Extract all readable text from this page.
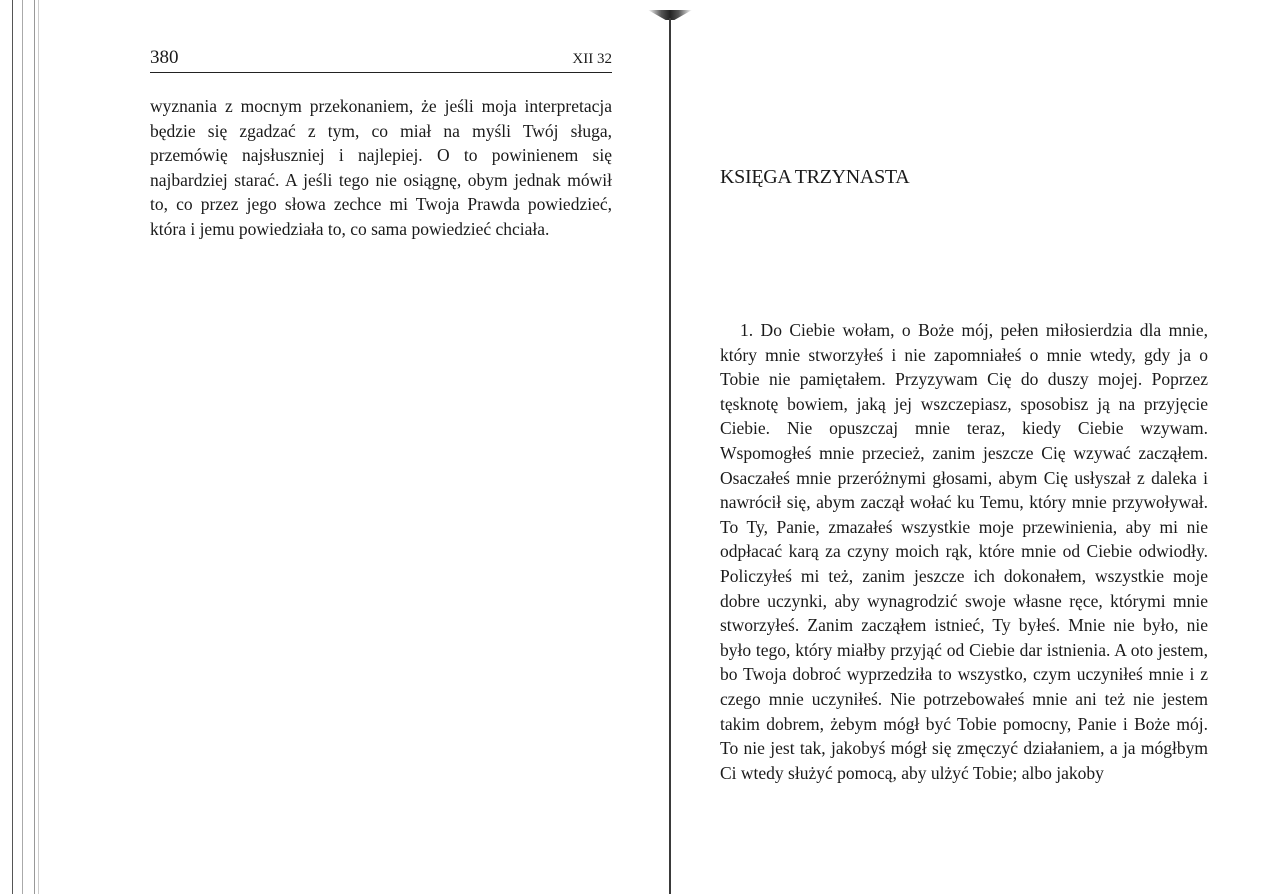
380	XII 32

wyznania z mocnym przekonaniem, że jeśli moja interpretacja będzie się zgadzać z tym, co miał na myśli Twój sługa, przemówię najsłuszniej i najlepiej. O to powinienem się najbardziej starać. A jeśli tego nie osiągnę, obym jednak mówił to, co przez jego słowa zechce mi Twoja Prawda powiedzieć, która i jemu powiedziała to, co sama powiedzieć chciała.

KSIĘGA TRZYNASTA

1. Do Ciebie wołam, o Boże mój, pełen miłosierdzia dla mnie, który mnie stworzyłeś i nie zapomniałeś o mnie wtedy, gdy ja o Tobie nie pamiętałem. Przyzywam Cię do duszy mojej. Poprzez tęsknotę bowiem, jaką jej wszczepiasz, sposobisz ją na przyjęcie Ciebie. Nie opuszczaj mnie teraz, kiedy Ciebie wzywam. Wspomogłeś mnie przecież, zanim jeszcze Cię wzywać zacząłem. Osaczałeś mnie przeróżnymi głosami, abym Cię usłyszał z daleka i nawrócił się, abym zaczął wołać ku Temu, który mnie przywoływał. To Ty, Panie, zmazałeś wszystkie moje przewinienia, aby mi nie odpłacać karą za czyny moich rąk, które mnie od Ciebie odwiodły. Policzyłeś mi też, zanim jeszcze ich dokonałem, wszystkie moje dobre uczynki, aby wynagrodzić swoje własne ręce, którymi mnie stworzyłeś. Zanim zacząłem istnieć, Ty byłeś. Mnie nie było, nie było tego, który miałby przyjąć od Ciebie dar istnienia. A oto jestem, bo Twoja dobroć wyprzedziła to wszystko, czym uczyniłeś mnie i z czego mnie uczyniłeś. Nie potrzebowałeś mnie ani też nie jestem takim dobrem, żebym mógł być Tobie pomocny, Panie i Boże mój. To nie jest tak, jakobyś mógł się zmęczyć działaniem, a ja mógłbym Ci wtedy służyć pomocą, aby ulżyć Tobie; albo jakoby
